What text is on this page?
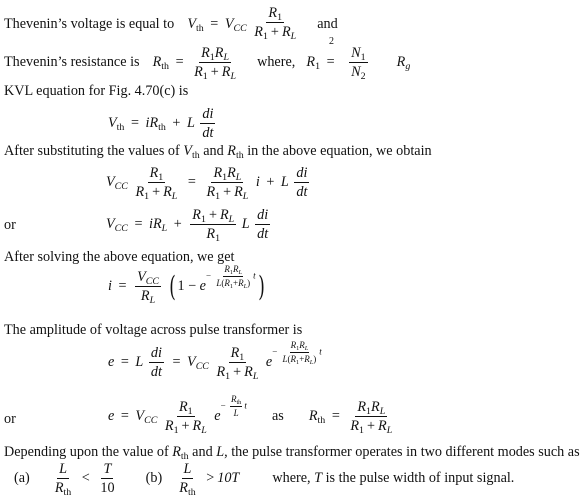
Thevenin’s voltage is equal to $V_{th} = V_{CC} \frac{R_1}{R_1 + R_L}$ and
Thevenin’s resistance is $R_{th} = \frac{R_1R_L}{R_1 + R_L}$ where, $R_1 = \frac{N_1}{N_2} R_g$
2
KVL equation for Fig. 4.70(c) is
$V_{th} = iR_{th} + L \frac{di}{dt}$
After substituting the values of $V_{th}$ and $R_{th}$ in the above equation, we obtain
$V_{CC} \frac{R_1}{R_1 + R_L} = \frac{R_1R_L}{R_1 + R_L}$ i + L $\frac{di}{dt}$
or	$V_{CC} = iR_L + \frac{R_1 + R_L}{R_1}$ L $\frac{di}{dt}$
After solving the above equation, we get
$i = \frac{V_{CC}}{R_L}$ ( $1 - e- \frac{R_1R_L}{L(R_1+R_L)} t$)
The amplitude of voltage across pulse transformer is
e = L $\frac{di}{dt} = V_{CC} \frac{R_1}{R_1 + R_L} e- \frac{R_1R_L}{L(R_1+R_L)}$ t
or	$e = V_{CC} \frac{R_1}{R_1 + R_L} e- \frac{R_{th}}{L}$ t  as $R_{th} = \frac{R_1R_L}{R_1 + R_L}$
Depending upon the value of $R_{th}$ and L, the pulse transformer operates in two different modes such as
$(a) \frac{L}{R_{th}} < \frac{T}{10} (b) \frac{L}{R_{th}} > 10T$ where, T is the pulse width of input signal.
